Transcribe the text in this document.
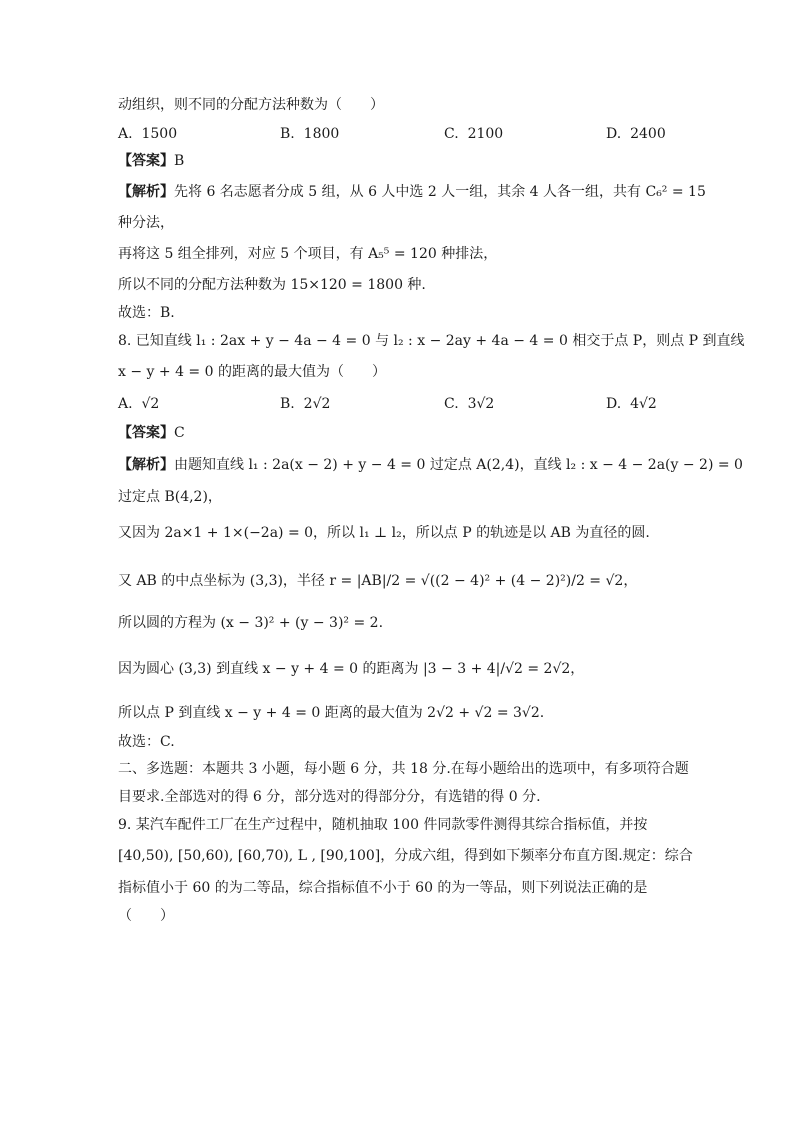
动组织，则不同的分配方法种数为（　　）
A. 1500	B. 1800	C. 2100	D. 2400
【答案】B
【解析】先将 6 名志愿者分成 5 组，从 6 人中选 2 人一组，其余 4 人各一组，共有 C₆² = 15
种分法，
再将这 5 组全排列，对应 5 个项目，有 A₅⁵ = 120 种排法，
所以不同的分配方法种数为 15×120 = 1800 种.
故选：B.
8. 已知直线 l₁ : 2ax + y − 4a − 4 = 0 与 l₂ : x − 2ay + 4a − 4 = 0 相交于点 P，则点 P 到直线
x − y + 4 = 0 的距离的最大值为（　　）
A. √2	B. 2√2	C. 3√2	D. 4√2
【答案】C
【解析】由题知直线 l₁ : 2a(x − 2) + y − 4 = 0 过定点 A(2,4)，直线 l₂ : x − 4 − 2a(y − 2) = 0
过定点 B(4,2)，
又因为 2a×1 + 1×(−2a) = 0，所以 l₁ ⊥ l₂，所以点 P 的轨迹是以 AB 为直径的圆.
又 AB 的中点坐标为 (3,3)，半径 r = |AB|/2 = √((2 − 4)² + (4 − 2)²)/2 = √2，
所以圆的方程为 (x − 3)² + (y − 3)² = 2.
因为圆心 (3,3) 到直线 x − y + 4 = 0 的距离为 |3 − 3 + 4|/√2 = 2√2，
所以点 P 到直线 x − y + 4 = 0 距离的最大值为 2√2 + √2 = 3√2.
故选：C.
二、多选题：本题共 3 小题，每小题 6 分，共 18 分.在每小题给出的选项中，有多项符合题
目要求.全部选对的得 6 分，部分选对的得部分分，有选错的得 0 分.
9. 某汽车配件工厂在生产过程中，随机抽取 100 件同款零件测得其综合指标值，并按
[40,50), [50,60), [60,70), L , [90,100]，分成六组，得到如下频率分布直方图.规定：综合
指标值小于 60 的为二等品，综合指标值不小于 60 的为一等品，则下列说法正确的是
（　　）
